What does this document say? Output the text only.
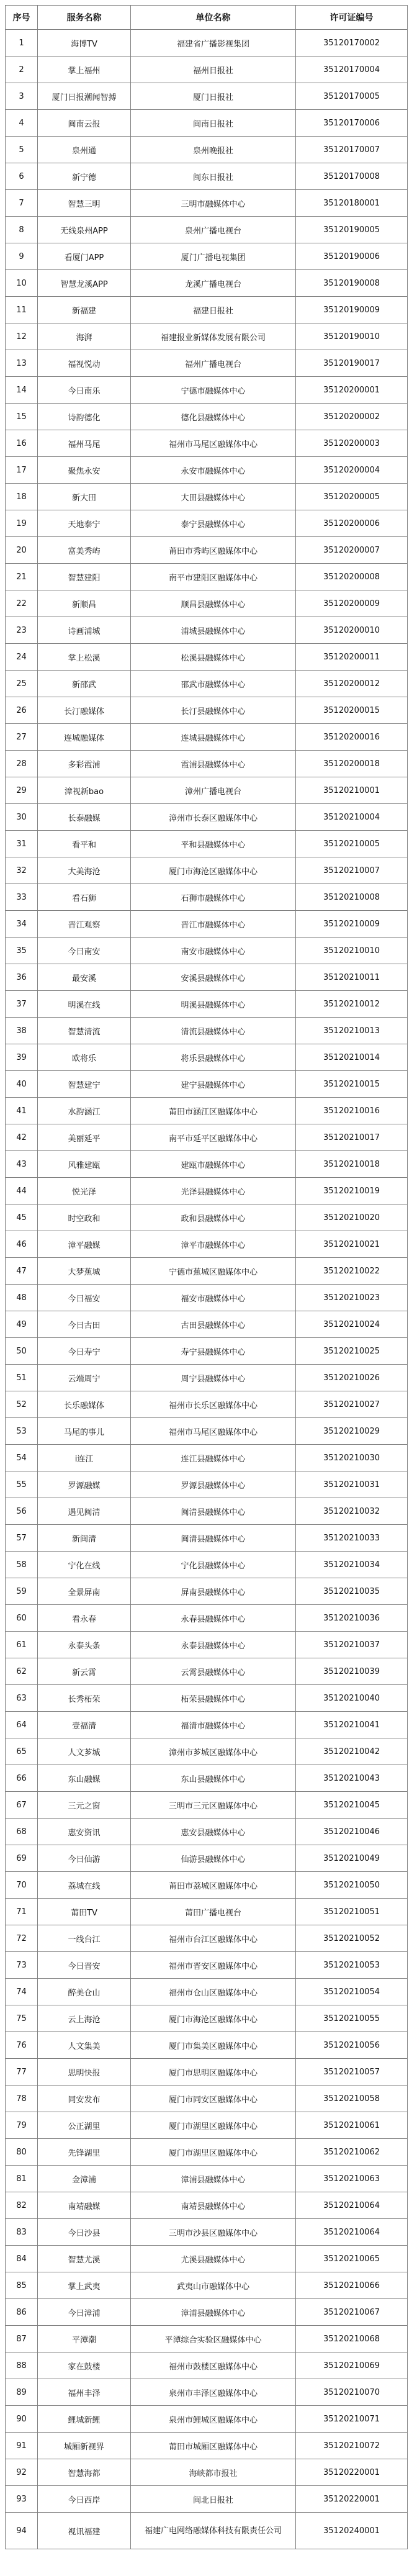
序号	服务名称	单位名称	许可证编号
1	海博TV	福建省广播影视集团	35120170002
2	掌上福州	福州日报社	35120170004
3	厦门日报潮闻智搏	厦门日报社	35120170005
4	闽南云报	闽南日报社	35120170006
5	泉州通	泉州晚报社	35120170007
6	新宁德	闽东日报社	35120170008
7	智慧三明	三明市融媒体中心	35120180001
8	无线泉州APP	泉州广播电视台	35120190005
9	看厦门APP	厦门广播电视集团	35120190006
10	智慧龙溪APP	龙溪广播电视台	35120190008
11	新福建	福建日报社	35120190009
12	海湃	福建报业新媒体发展有限公司	35120190010
13	福视悦动	福州广播电视台	35120190017
14	今日南乐	宁德市融媒体中心	35120200001
15	诗韵德化	德化县融媒体中心	35120200002
16	福州马尾	福州市马尾区融媒体中心	35120200003
17	聚焦永安	永安市融媒体中心	35120200004
18	新大田	大田县融媒体中心	35120200005
19	天地泰宁	泰宁县融媒体中心	35120200006
20	富美秀屿	莆田市秀屿区融媒体中心	35120200007
21	智慧建阳	南平市建阳区融媒体中心	35120200008
22	新顺昌	顺昌县融媒体中心	35120200009
23	诗画浦城	浦城县融媒体中心	35120200010
24	掌上松溪	松溪县融媒体中心	35120200011
25	新邵武	邵武市融媒体中心	35120200012
26	长汀融媒体	长汀县融媒体中心	35120200015
27	连城融媒体	连城县融媒体中心	35120200016
28	多彩霞浦	霞浦县融媒体中心	35120200018
29	漳视新bao	漳州广播电视台	35120210001
30	长泰融媒	漳州市长泰区融媒体中心	35120210004
31	看平和	平和县融媒体中心	35120210005
32	大美海沧	厦门市海沧区融媒体中心	35120210007
33	看石狮	石狮市融媒体中心	35120210008
34	晋江观察	晋江市融媒体中心	35120210009
35	今日南安	南安市融媒体中心	35120210010
36	最安溪	安溪县融媒体中心	35120210011
37	明溪在线	明溪县融媒体中心	35120210012
38	智慧清流	清流县融媒体中心	35120210013
39	欧将乐	将乐县融媒体中心	35120210014
40	智慧建宁	建宁县融媒体中心	35120210015
41	水韵涵江	莆田市涵江区融媒体中心	35120210016
42	美丽延平	南平市延平区融媒体中心	35120210017
43	风雅建瓯	建瓯市融媒体中心	35120210018
44	悦光泽	光泽县融媒体中心	35120210019
45	时空政和	政和县融媒体中心	35120210020
46	漳平融媒	漳平市融媒体中心	35120210021
47	大梦蕉城	宁德市蕉城区融媒体中心	35120210022
48	今日福安	福安市融媒体中心	35120210023
49	今日古田	古田县融媒体中心	35120210024
50	今日寿宁	寿宁县融媒体中心	35120210025
51	云端周宁	周宁县融媒体中心	35120210026
52	长乐融媒体	福州市长乐区融媒体中心	35120210027
53	马尾的事儿	福州市马尾区融媒体中心	35120210029
54	i连江	连江县融媒体中心	35120210030
55	罗源融媒	罗源县融媒体中心	35120210031
56	遇见闽清	闽清县融媒体中心	35120210032
57	新闽清	闽清县融媒体中心	35120210033
58	宁化在线	宁化县融媒体中心	35120210034
59	全景屏南	屏南县融媒体中心	35120210035
60	看永春	永春县融媒体中心	35120210036
61	永泰头条	永泰县融媒体中心	35120210037
62	新云霄	云霄县融媒体中心	35120210039
63	长秀柘荣	柘荣县融媒体中心	35120210040
64	壹福清	福清市融媒体中心	35120210041
65	人文芗城	漳州市芗城区融媒体中心	35120210042
66	东山融媒	东山县融媒体中心	35120210043
67	三元之窗	三明市三元区融媒体中心	35120210045
68	惠安资讯	惠安县融媒体中心	35120210046
69	今日仙游	仙游县融媒体中心	35120210049
70	荔城在线	莆田市荔城区融媒体中心	35120210050
71	莆田TV	莆田广播电视台	35120210051
72	一线台江	福州市台江区融媒体中心	35120210052
73	今日晋安	福州市晋安区融媒体中心	35120210053
74	醉美仓山	福州市仓山区融媒体中心	35120210054
75	云上海沧	厦门市海沧区融媒体中心	35120210055
76	人文集美	厦门市集美区融媒体中心	35120210056
77	思明快报	厦门市思明区融媒体中心	35120210057
78	同安发布	厦门市同安区融媒体中心	35120210058
79	公正湖里	厦门市湖里区融媒体中心	35120210061
80	先锋湖里	厦门市湖里区融媒体中心	35120210062
81	金漳浦	漳浦县融媒体中心	35120210063
82	南靖融媒	南靖县融媒体中心	35120210064
83	今日沙县	三明市沙县区融媒体中心	35120210064
84	智慧尤溪	尤溪县融媒体中心	35120210065
85	掌上武夷	武夷山市融媒体中心	35120210066
86	今日漳浦	漳浦县融媒体中心	35120210067
87	平潭潮	平潭综合实验区融媒体中心	35120210068
88	家在鼓楼	福州市鼓楼区融媒体中心	35120210069
89	福州丰泽	泉州市丰泽区融媒体中心	35120210070
90	鲤城新鲤	泉州市鲤城区融媒体中心	35120210071
91	城厢新视界	莆田市城厢区融媒体中心	35120210072
92	智慧海都	海峡都市报社	35120220001
93	今日西岸	闽北日报社	35120220001
94	视讯福建	福建广电网络融媒体科技有限责任公司	35120240001
